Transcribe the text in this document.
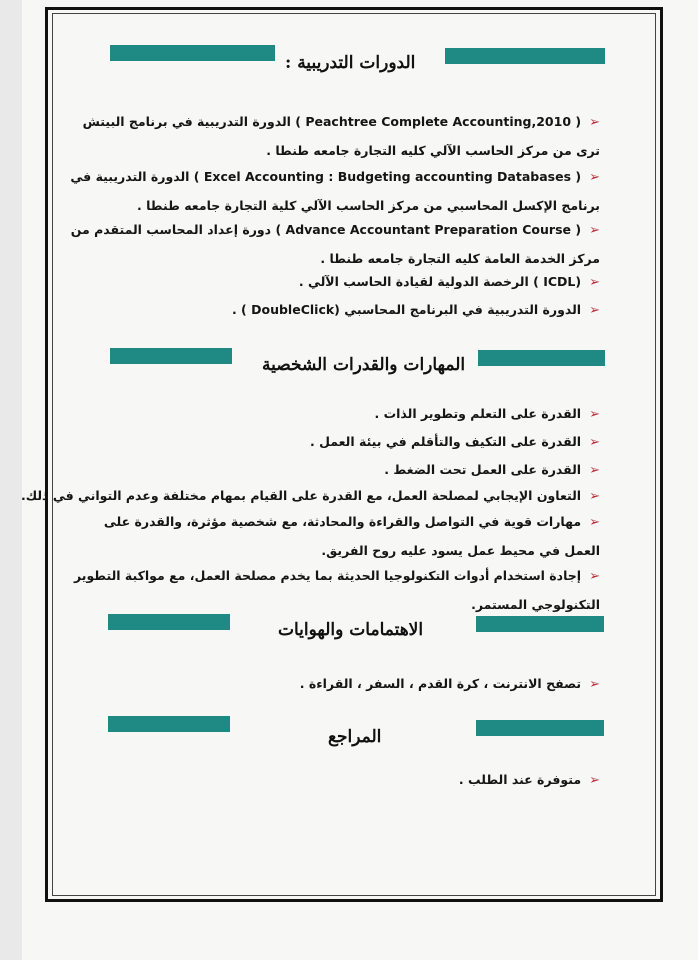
الدورات التدريبية :
➢( Peachtree Complete Accounting,2010 ) الدورة التدريبية في برنامج البيتش ترى من مركز الحاسب الآلي كليه التجارة جامعه طنطا .
➢( Excel Accounting : Budgeting accounting Databases ) الدورة التدريبية في برنامج الإكسل المحاسبي من مركز الحاسب الآلي كلية التجارة جامعه طنطا .
➢( Advance Accountant Preparation Course ) دورة إعداد المحاسب المتقدم من مركز الخدمة العامة كليه التجارة جامعه طنطا .
➢(ICDL ) الرخصة الدولية لقيادة الحاسب الآلي .
➢الدورة التدريبية في البرنامج المحاسبي (DoubleClick ) .
المهارات والقدرات الشخصية
➢القدرة على التعلم وتطوير الذات .
➢القدرة على التكيف والتأقلم في بيئة العمل .
➢القدرة على العمل تحت الضغط .
➢التعاون الإيجابي لمصلحة العمل، مع القدرة على القيام بمهام مختلفة وعدم التواني في ذلك.
➢مهارات قوية في التواصل والقراءة والمحادثة، مع شخصية مؤثرة، والقدرة على العمل في محيط عمل يسود عليه روح الفريق.
➢إجادة استخدام أدوات التكنولوجيا الحديثة بما يخدم مصلحة العمل، مع مواكبة التطوير التكنولوجي المستمر.
الاهتمامات والهوايات
➢تصفح الانترنت ، كرة القدم ، السفر ، القراءة .
المراجع
➢متوفرة عند الطلب .
